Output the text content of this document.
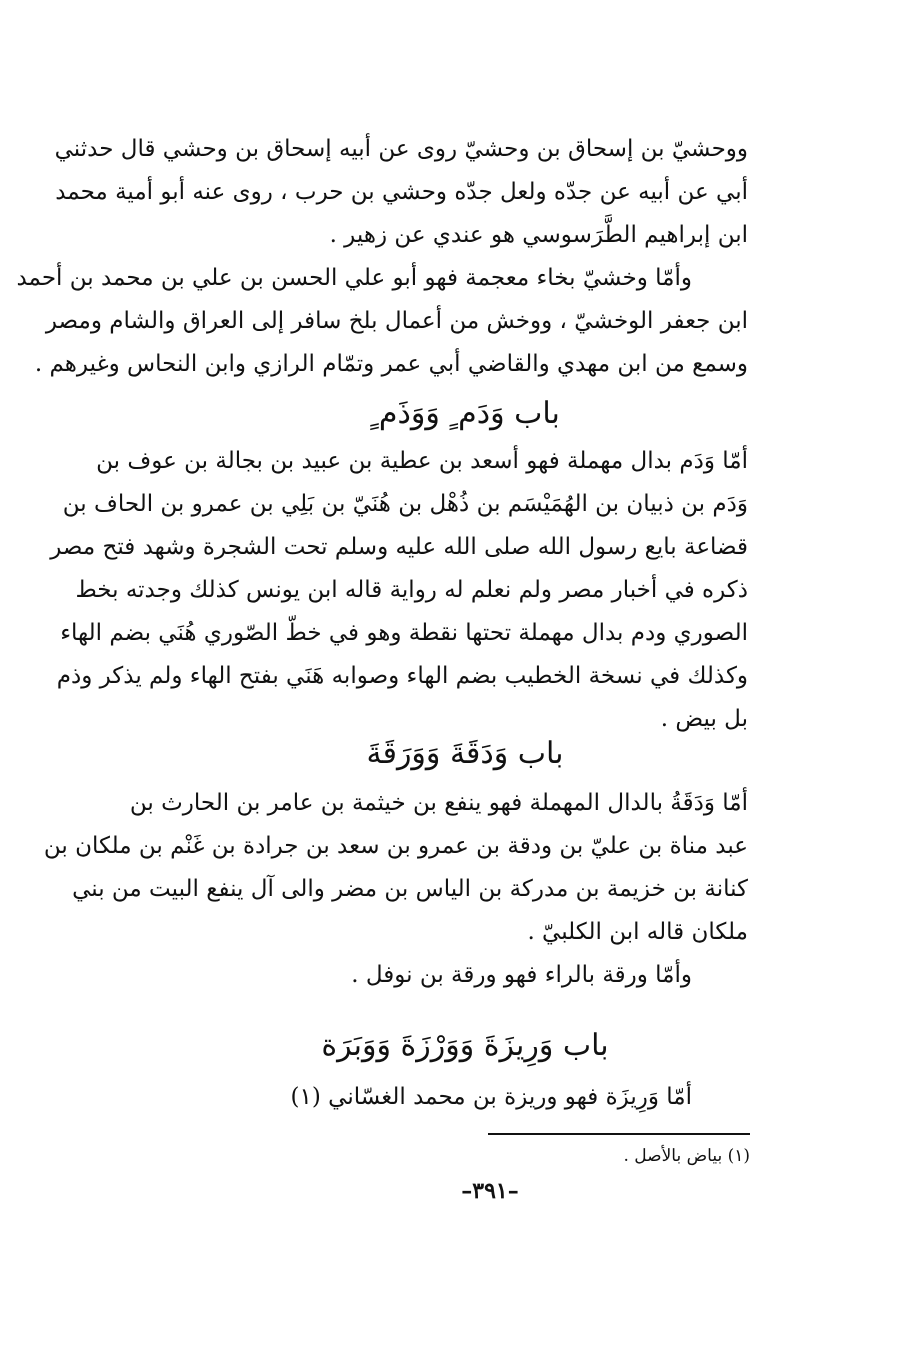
ووحشيّ بن إسحاق بن وحشيّ روى عن أبيه إسحاق بن وحشي قال حدثني
أبي عن أبيه عن جدّه ولعل جدّه وحشي بن حرب ، روى عنه أبو أمية محمد
ابن إبراهيم الطَّرَسوسي هو عندي عن زهير .
وأمّا وخشيّ بخاء معجمة فهو أبو علي الحسن بن علي بن محمد بن أحمد
ابن جعفر الوخشيّ ، ووخش من أعمال بلخ سافر إلى العراق والشام ومصر
وسمع من ابن مهدي والقاضي أبي عمر وتمّام الرازي وابن النحاس وغيرهم .
باب وَدَم ٍ وَوَذَم ٍ
أمّا وَدَم بدال مهملة فهو أسعد بن عطية بن عبيد بن بجالة بن عوف بن
وَدَم بن ذبيان بن الهُمَيْسَم بن ذُهْل بن هُنَيّ بن بَلِي بن عمرو بن الحاف بن
قضاعة بايع رسول الله صلى الله عليه وسلم تحت الشجرة وشهد فتح مصر
ذكره في أخبار مصر ولم نعلم له رواية قاله ابن يونس كذلك وجدته بخط
الصوري ودم بدال مهملة تحتها نقطة وهو في خطّ الصّوري هُنَي بضم الهاء
وكذلك في نسخة الخطيب بضم الهاء وصوابه هَنَي بفتح الهاء ولم يذكر وذم
بل بيض .
باب وَدَقَةَ وَوَرَقَةَ
أمّا وَدَقَةُ بالدال المهملة فهو ينفع بن خيثمة بن عامر بن الحارث بن
عبد مناة بن عليّ بن ودقة بن عمرو بن سعد بن جرادة بن غَنْم بن ملكان بن
كنانة بن خزيمة بن مدركة بن الياس بن مضر والى آل ينفع البيت من بني
ملكان قاله ابن الكلبيّ .
وأمّا ورقة بالراء فهو ورقة بن نوفل .
باب وَرِيزَةَ وَوَرْزَةَ وَوَبَرَة
أمّا وَرِيزَة فهو وريزة بن محمد الغسّاني (١)
(١) بياض بالأصل .
–٣٩١–
